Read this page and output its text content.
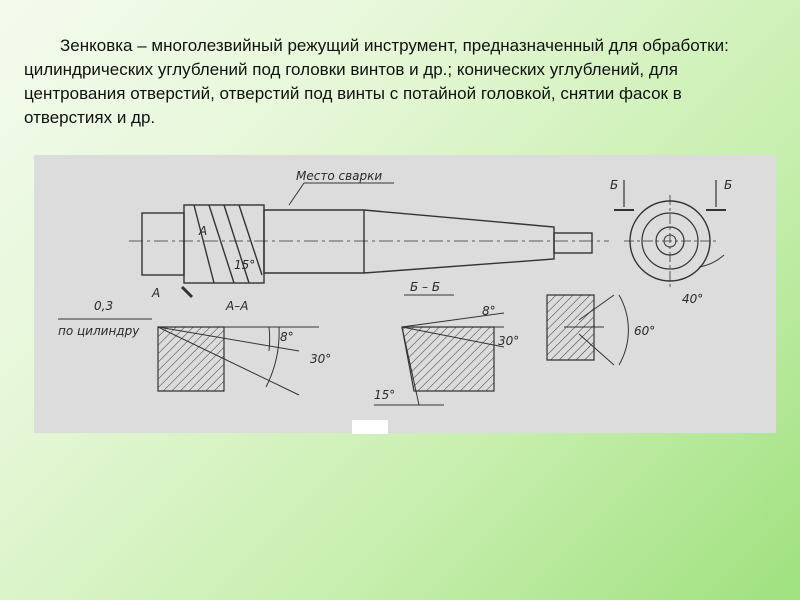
Зенковка – многолезвийный режущий инструмент, предназначенный для обработки: цилиндрических углублений под головки винтов и др.; конических углублений, для центрования отверстий, отверстий под винты с потайной головкой, снятии фасок в отверстиях и др.

Место сварки
А
А
15°
А–А
0,3
по цилиндру	8°
30°
Б – Б
8°
30°
15°
60°
Б	Б
40°
